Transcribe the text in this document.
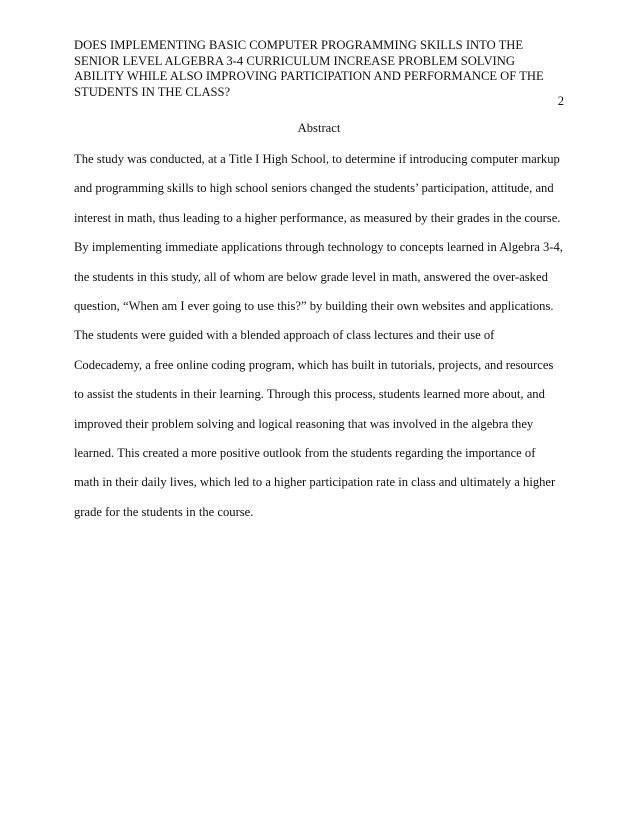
DOES IMPLEMENTING BASIC COMPUTER PROGRAMMING SKILLS INTO THE
SENIOR LEVEL ALGEBRA 3-4 CURRICULUM INCREASE PROBLEM SOLVING
ABILITY WHILE ALSO IMPROVING PARTICIPATION AND PERFORMANCE OF THE
STUDENTS IN THE CLASS?
2
Abstract
The study was conducted, at a Title I High School, to determine if introducing computer markup
and programming skills to high school seniors changed the students’ participation, attitude, and
interest in math, thus leading to a higher performance, as measured by their grades in the course.
By implementing immediate applications through technology to concepts learned in Algebra 3-4,
the students in this study, all of whom are below grade level in math, answered the over-asked
question, “When am I ever going to use this?” by building their own websites and applications.
The students were guided with a blended approach of class lectures and their use of
Codecademy, a free online coding program, which has built in tutorials, projects, and resources
to assist the students in their learning. Through this process, students learned more about, and
improved their problem solving and logical reasoning that was involved in the algebra they
learned. This created a more positive outlook from the students regarding the importance of
math in their daily lives, which led to a higher participation rate in class and ultimately a higher
grade for the students in the course.
